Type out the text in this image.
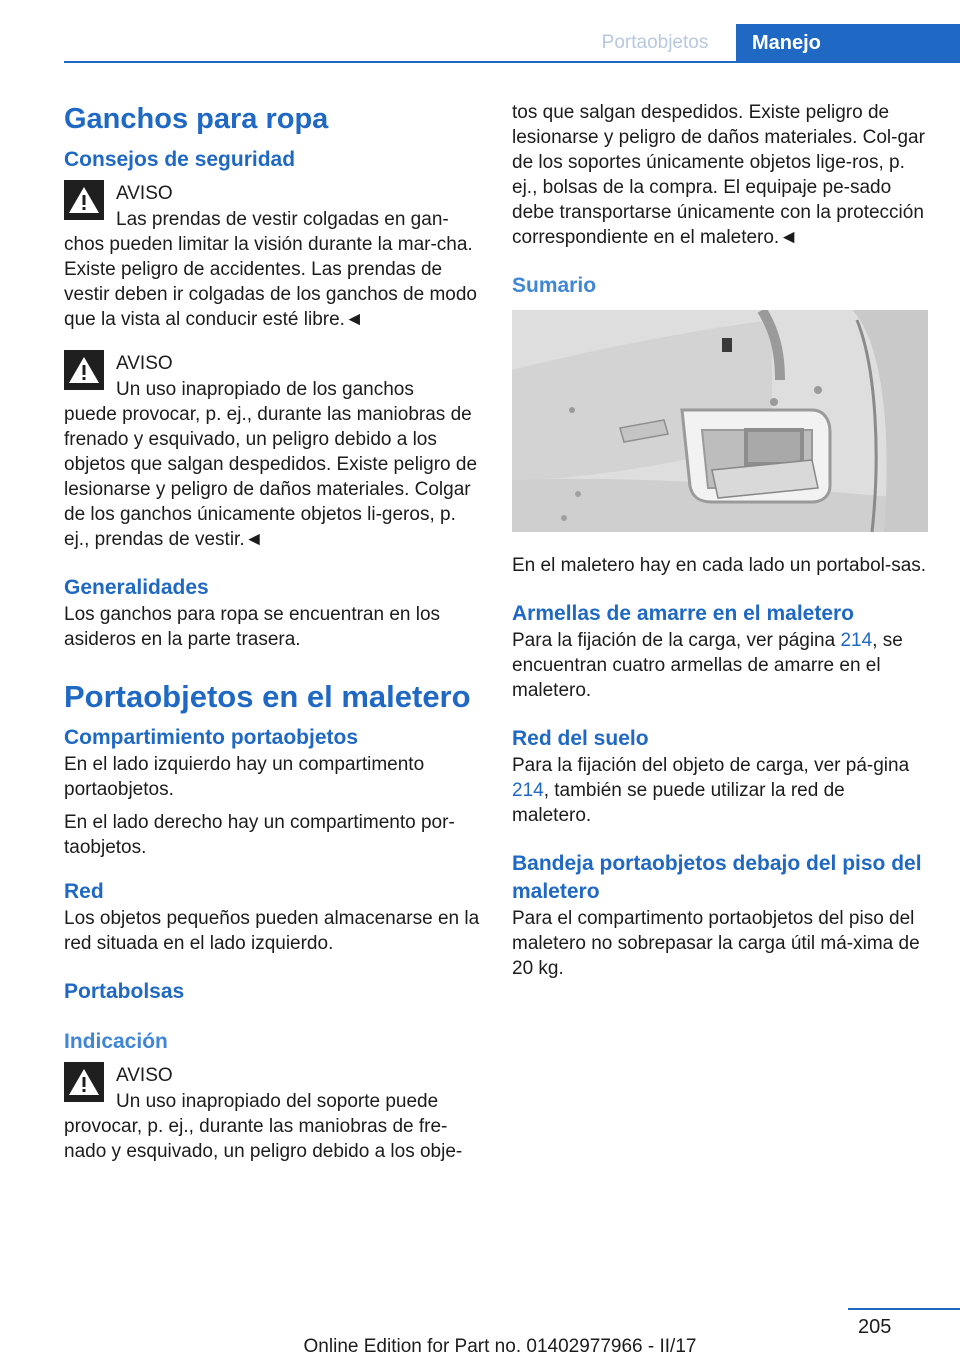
Portaobjetos	Manejo
Ganchos para ropa
Consejos de seguridad
AVISO

Las prendas de vestir colgadas en gan-

chos pueden limitar la visión durante la mar-cha. Existe peligro de accidentes. Las prendas de vestir deben ir colgadas de los ganchos de modo que la vista al conducir esté libre.◄

AVISO

Un uso inapropiado de los ganchos

puede provocar, p. ej., durante las maniobras de frenado y esquivado, un peligro debido a los objetos que salgan despedidos. Existe peligro de lesionarse y peligro de daños materiales. Colgar de los ganchos únicamente objetos li-geros, p. ej., prendas de vestir.◄

Generalidades

Los ganchos para ropa se encuentran en los asideros en la parte trasera.

Portaobjetos en el maletero
Compartimiento portaobjetos

En el lado izquierdo hay un compartimento portaobjetos.

En el lado derecho hay un compartimento por-taobjetos.

Red

Los objetos pequeños pueden almacenarse en la red situada en el lado izquierdo.

Portabolsas
Indicación
AVISO

Un uso inapropiado del soporte puede

provocar, p. ej., durante las maniobras de fre-nado y esquivado, un peligro debido a los obje-

tos que salgan despedidos. Existe peligro de lesionarse y peligro de daños materiales. Col-gar de los soportes únicamente objetos lige-ros, p. ej., bolsas de la compra. El equipaje pe-sado debe transportarse únicamente con la protección correspondiente en el maletero.◄

Sumario

En el maletero hay en cada lado un portabol-sas.

Armellas de amarre en el maletero

Para la fijación de la carga, ver página 214, se encuentran cuatro armellas de amarre en el maletero.

Red del suelo

Para la fijación del objeto de carga, ver pá-gina 214, también se puede utilizar la red de maletero.

Bandeja portaobjetos debajo del piso del maletero

Para el compartimento portaobjetos del piso del maletero no sobrepasar la carga útil má-xima de 20 kg.

205
Online Edition for Part no. 01402977966 - II/17
